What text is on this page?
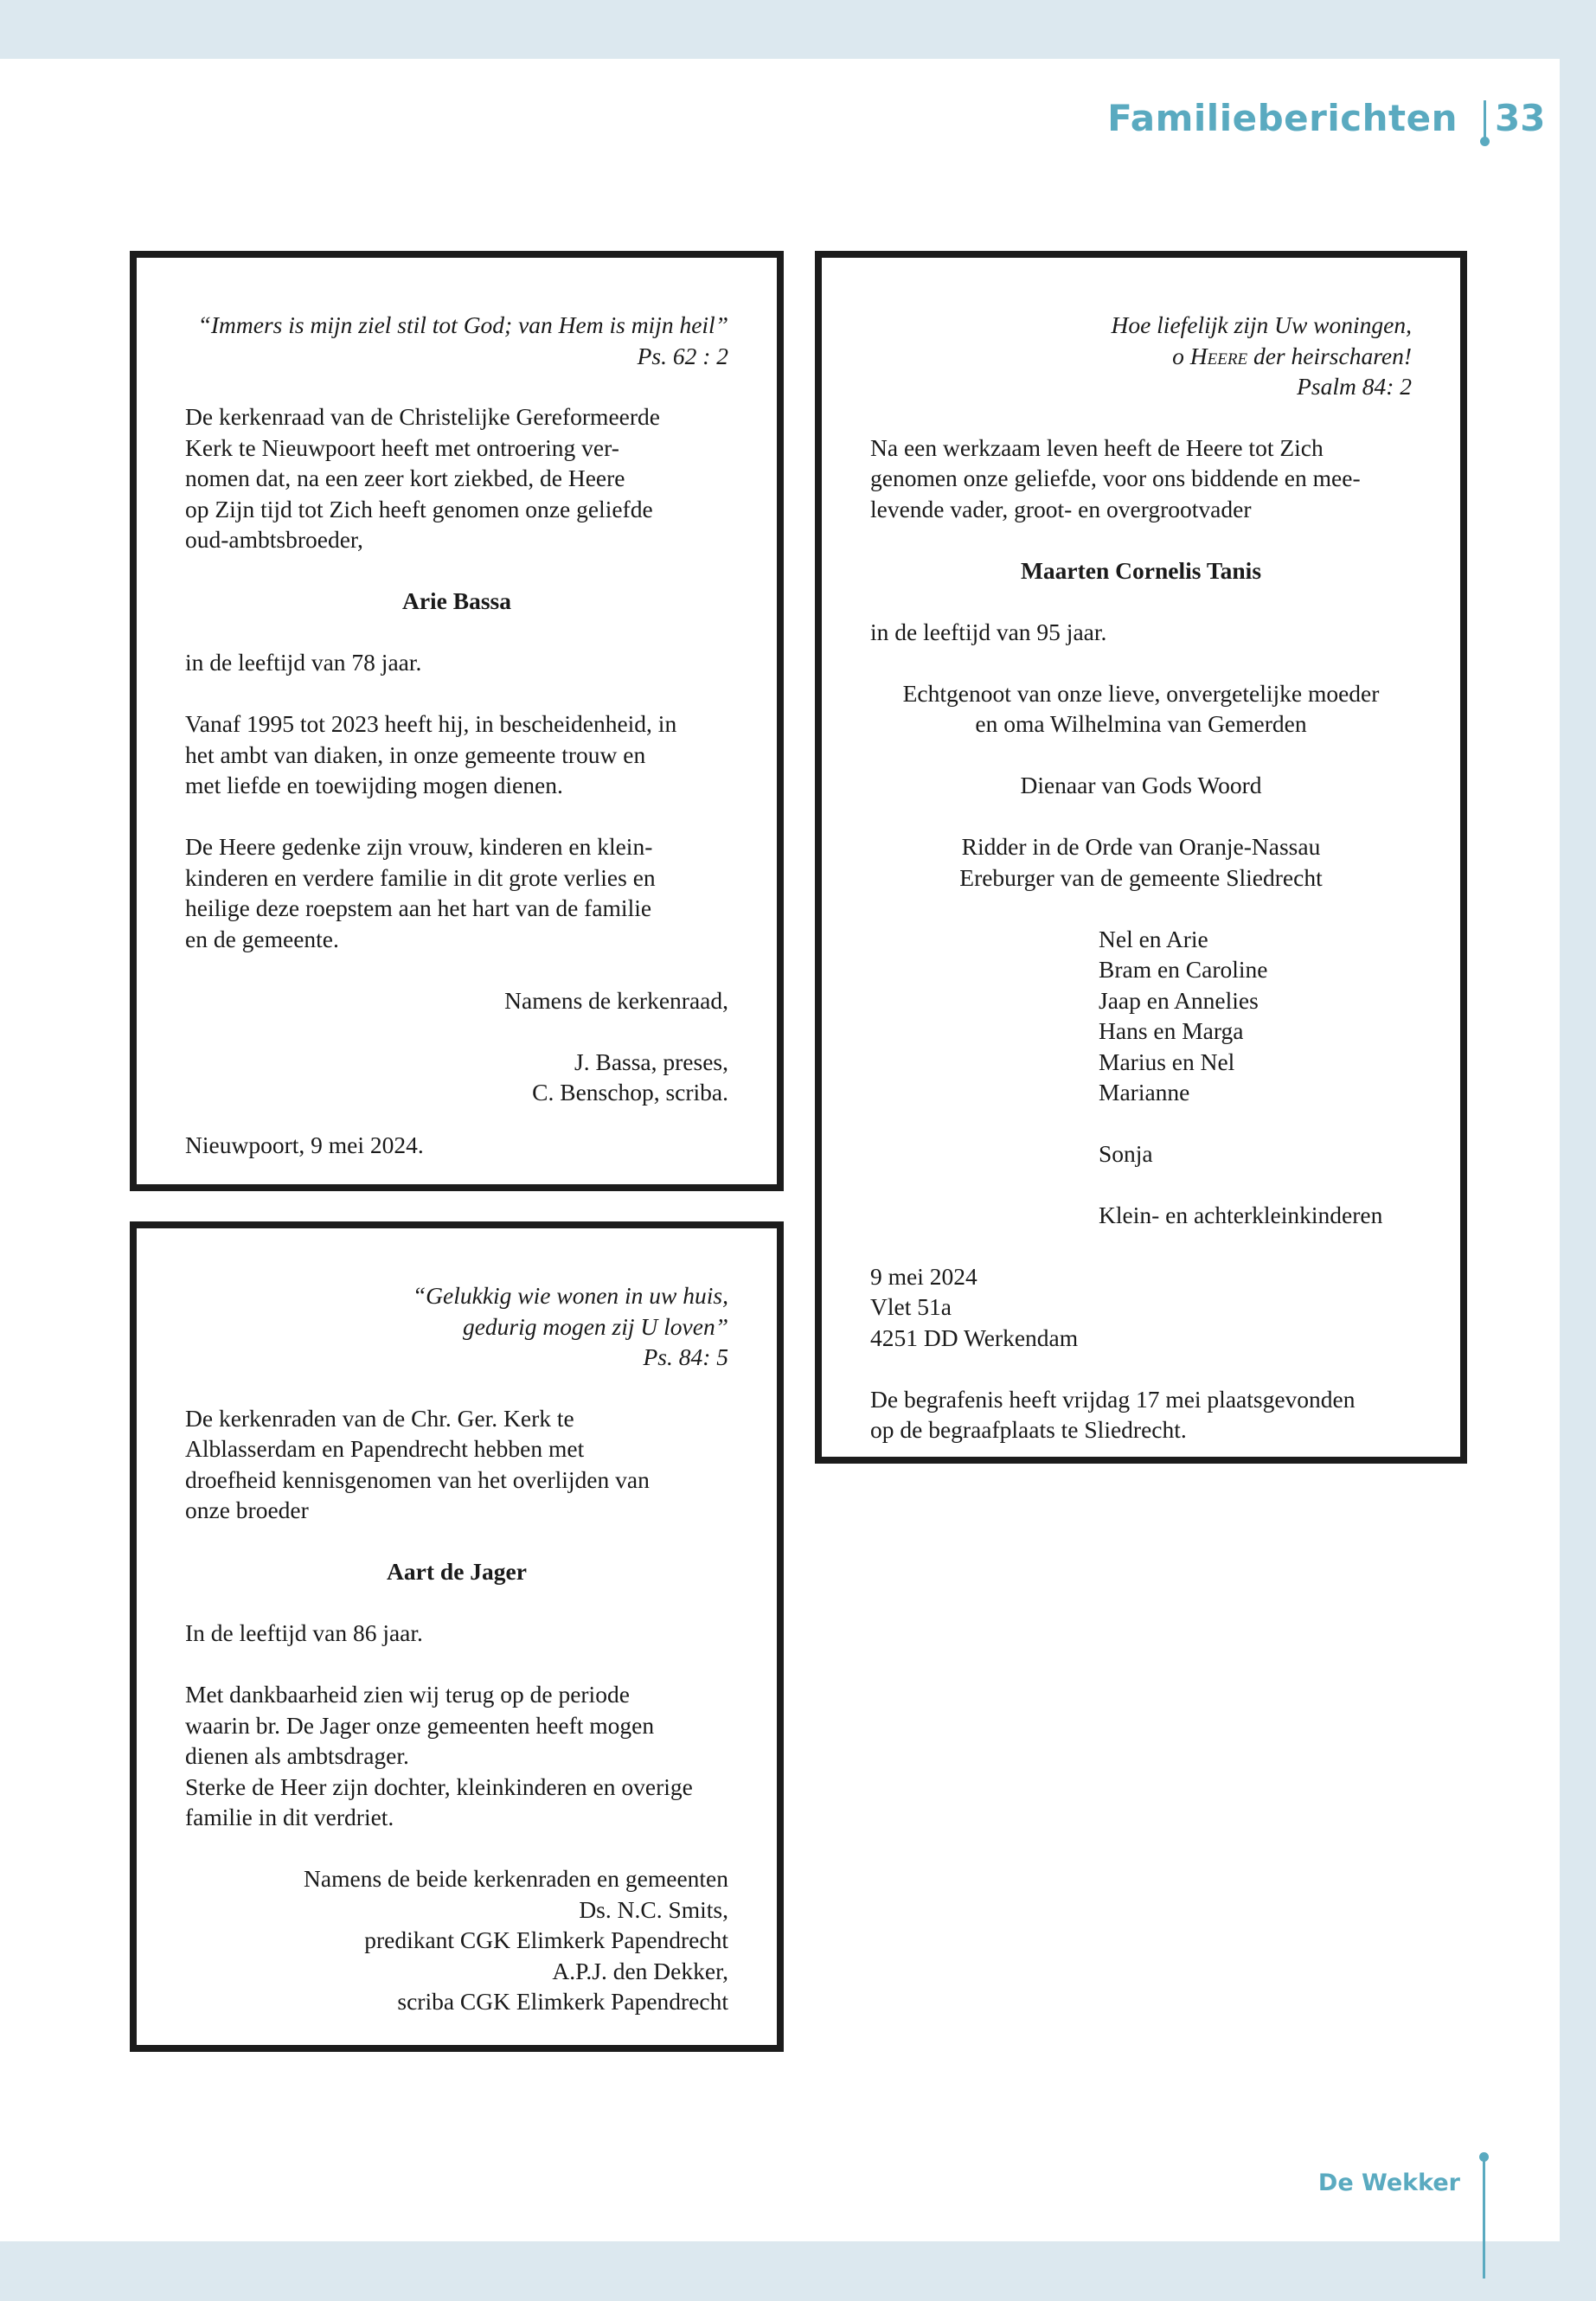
Familieberichten 33
“Immers is mijn ziel stil tot God; van Hem is mijn heil”
Ps. 62 : 2
De kerkenraad van de Christelijke Gereformeerde
Kerk te Nieuwpoort heeft met ontroering ver-
nomen dat, na een zeer kort ziekbed, de Heere
op Zijn tijd tot Zich heeft genomen onze geliefde
oud-ambtsbroeder,
Arie Bassa
in de leeftijd van 78 jaar.
Vanaf 1995 tot 2023 heeft hij, in bescheidenheid, in
het ambt van diaken, in onze gemeente trouw en
met liefde en toewijding mogen dienen.
De Heere gedenke zijn vrouw, kinderen en klein-
kinderen en verdere familie in dit grote verlies en
heilige deze roepstem aan het hart van de familie
en de gemeente.
Namens de kerkenraad,
J. Bassa, preses,
C. Benschop, scriba.
Nieuwpoort, 9 mei 2024.
“Gelukkig wie wonen in uw huis,
gedurig mogen zij U loven”
Ps. 84: 5
De kerkenraden van de Chr. Ger. Kerk te
Alblasserdam en Papendrecht hebben met
droefheid kennisgenomen van het overlijden van
onze broeder
Aart de Jager
In de leeftijd van 86 jaar.
Met dankbaarheid zien wij terug op de periode
waarin br. De Jager onze gemeenten heeft mogen
dienen als ambtsdrager.
Sterke de Heer zijn dochter, kleinkinderen en overige
familie in dit verdriet.
Namens de beide kerkenraden en gemeenten
Ds. N.C. Smits,
predikant CGK Elimkerk Papendrecht
A.P.J. den Dekker,
scriba CGK Elimkerk Papendrecht
Hoe liefelijk zijn Uw woningen,
o Heere der heirscharen!
Psalm 84: 2
Na een werkzaam leven heeft de Heere tot Zich
genomen onze geliefde, voor ons biddende en mee-
levende vader, groot- en overgrootvader
Maarten Cornelis Tanis
in de leeftijd van 95 jaar.
Echtgenoot van onze lieve, onvergetelijke moeder
en oma Wilhelmina van Gemerden
Dienaar van Gods Woord
Ridder in de Orde van Oranje-Nassau
Ereburger van de gemeente Sliedrecht
Nel en Arie
Bram en Caroline
Jaap en Annelies
Hans en Marga
Marius en Nel
Marianne
Sonja
Klein- en achterkleinkinderen
9 mei 2024
Vlet 51a
4251 DD Werkendam
De begrafenis heeft vrijdag 17 mei plaatsgevonden
op de begraafplaats te Sliedrecht.
De Wekker
